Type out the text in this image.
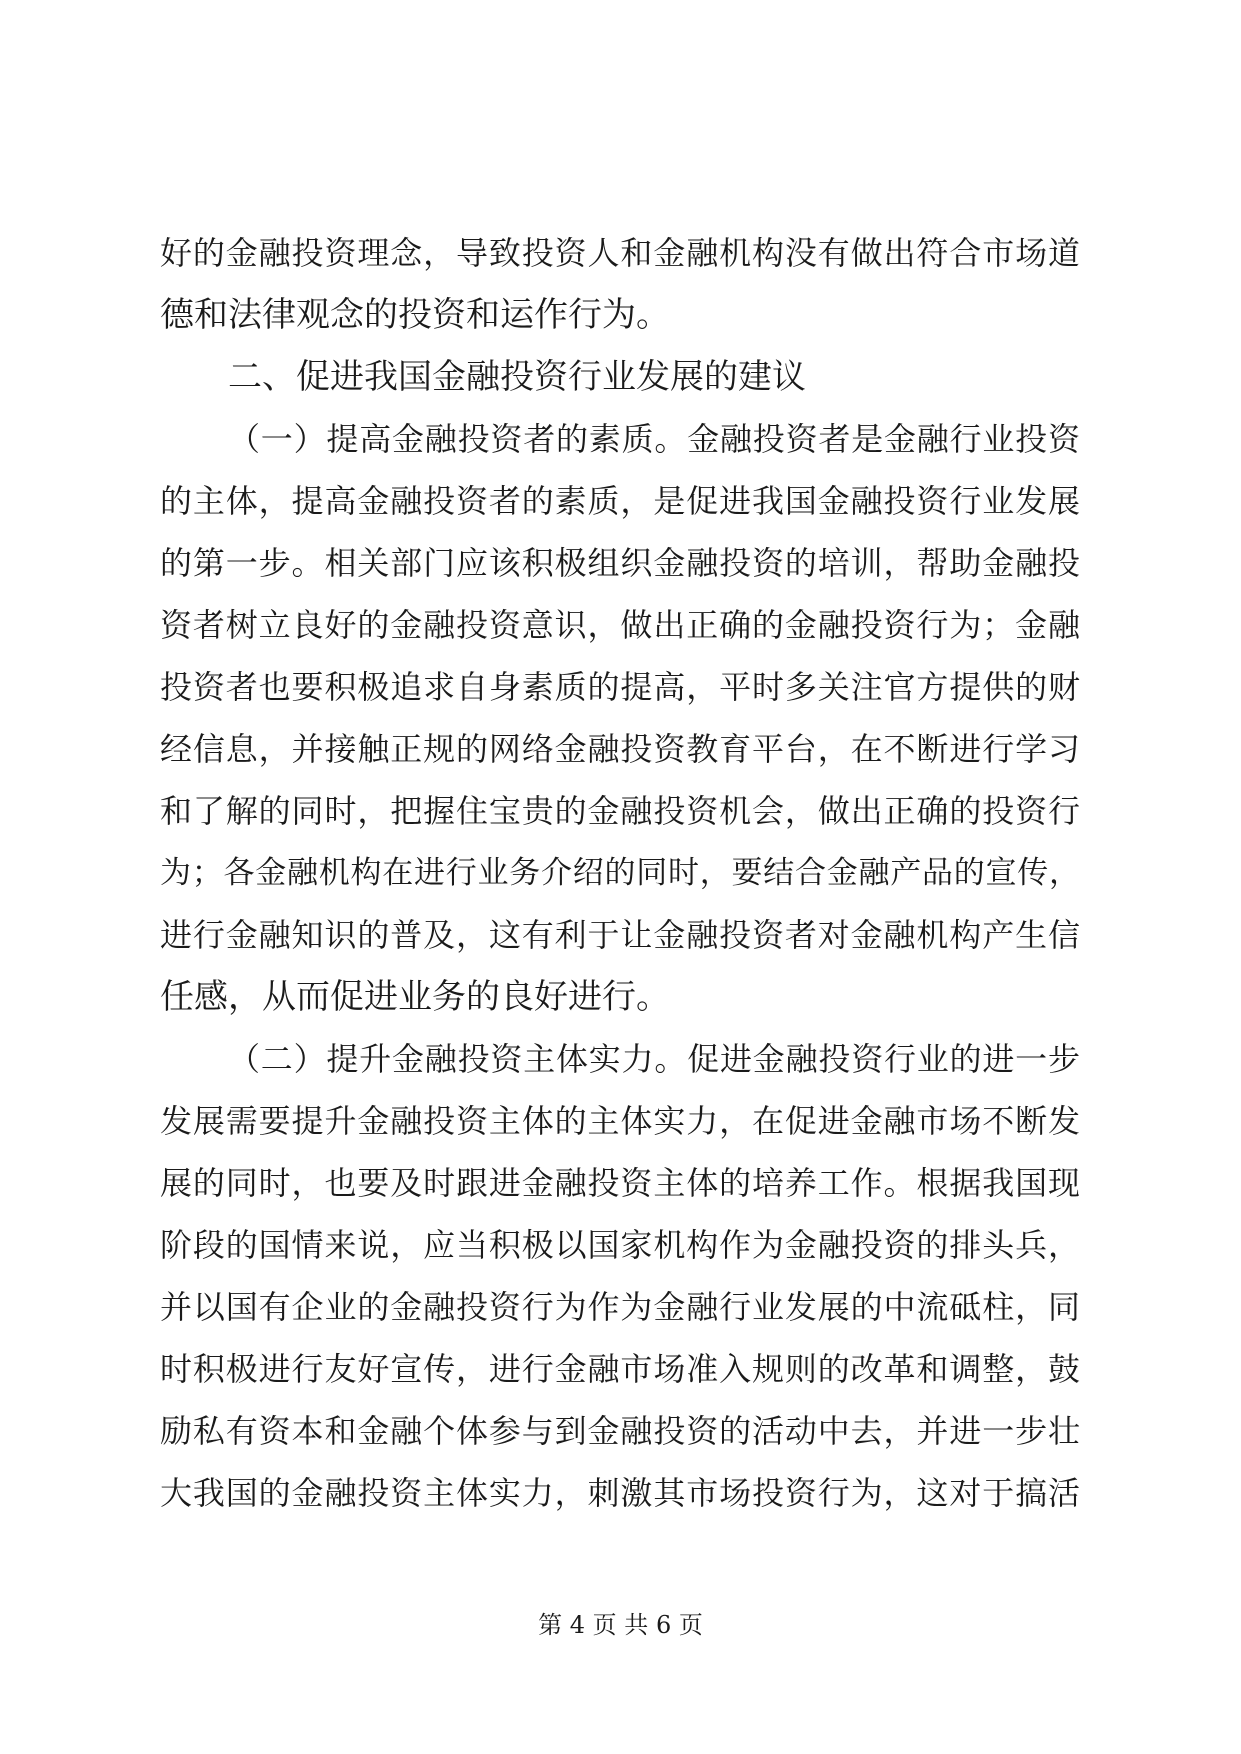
好的金融投资理念，导致投资人和金融机构没有做出符合市场道
德和法律观念的投资和运作行为。
二、促进我国金融投资行业发展的建议
（一）提高金融投资者的素质。金融投资者是金融行业投资
的主体，提高金融投资者的素质，是促进我国金融投资行业发展
的第一步。相关部门应该积极组织金融投资的培训，帮助金融投
资者树立良好的金融投资意识，做出正确的金融投资行为；金融
投资者也要积极追求自身素质的提高，平时多关注官方提供的财
经信息，并接触正规的网络金融投资教育平台，在不断进行学习
和了解的同时，把握住宝贵的金融投资机会，做出正确的投资行
为；各金融机构在进行业务介绍的同时，要结合金融产品的宣传，
进行金融知识的普及，这有利于让金融投资者对金融机构产生信
任感，从而促进业务的良好进行。
（二）提升金融投资主体实力。促进金融投资行业的进一步
发展需要提升金融投资主体的主体实力，在促进金融市场不断发
展的同时，也要及时跟进金融投资主体的培养工作。根据我国现
阶段的国情来说，应当积极以国家机构作为金融投资的排头兵，
并以国有企业的金融投资行为作为金融行业发展的中流砥柱，同
时积极进行友好宣传，进行金融市场准入规则的改革和调整，鼓
励私有资本和金融个体参与到金融投资的活动中去，并进一步壮
大我国的金融投资主体实力，刺激其市场投资行为，这对于搞活
第 4 页 共 6 页
